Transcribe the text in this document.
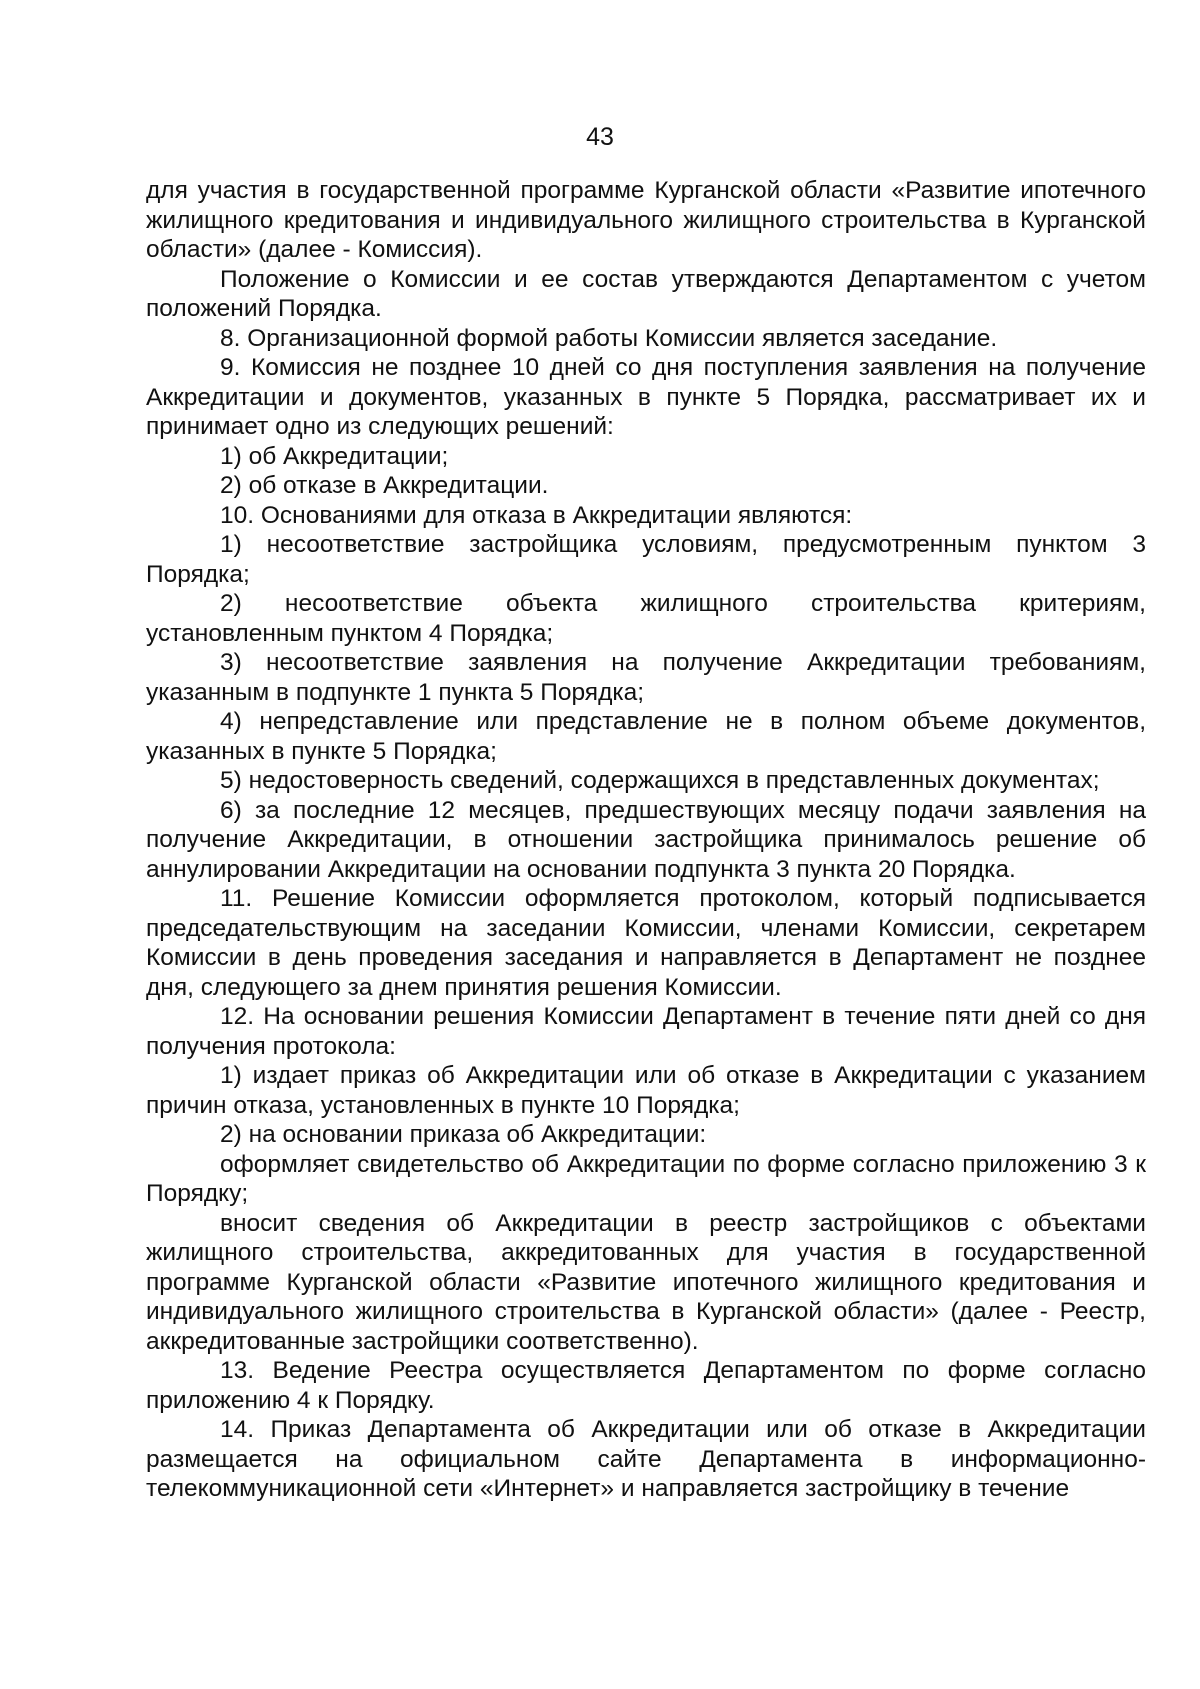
43

для участия в государственной программе Курганской области «Развитие ипотечного жилищного кредитования и индивидуального жилищного строительства в Курганской области» (далее - Комиссия).

Положение о Комиссии и ее состав утверждаются Департаментом с учетом положений Порядка.

8. Организационной формой работы Комиссии является заседание.

9. Комиссия не позднее 10 дней со дня поступления заявления на получение Аккредитации и документов, указанных в пункте 5 Порядка, рассматривает их и принимает одно из следующих решений:

1) об Аккредитации;

2) об отказе в Аккредитации.

10. Основаниями для отказа в Аккредитации являются:

1) несоответствие застройщика условиям, предусмотренным пунктом 3 Порядка;

2) несоответствие объекта жилищного строительства критериям, установленным пунктом 4 Порядка;

3) несоответствие заявления на получение Аккредитации требованиям, указанным в подпункте 1 пункта 5 Порядка;

4) непредставление или представление не в полном объеме документов, указанных в пункте 5 Порядка;

5) недостоверность сведений, содержащихся в представленных документах;

6) за последние 12 месяцев, предшествующих месяцу подачи заявления на получение Аккредитации, в отношении застройщика принималось решение об аннулировании Аккредитации на основании подпункта 3 пункта 20 Порядка.

11. Решение Комиссии оформляется протоколом, который подписывается председательствующим на заседании Комиссии, членами Комиссии, секретарем Комиссии в день проведения заседания и направляется в Департамент не позднее дня, следующего за днем принятия решения Комиссии.

12. На основании решения Комиссии Департамент в течение пяти дней со дня получения протокола:

1) издает приказ об Аккредитации или об отказе в Аккредитации с указанием причин отказа, установленных в пункте 10 Порядка;

2) на основании приказа об Аккредитации:

оформляет свидетельство об Аккредитации по форме согласно приложению 3 к Порядку;

вносит сведения об Аккредитации в реестр застройщиков с объектами жилищного строительства, аккредитованных для участия в государственной программе Курганской области «Развитие ипотечного жилищного кредитования и индивидуального жилищного строительства в Курганской области» (далее - Реестр, аккредитованные застройщики соответственно).

13. Ведение Реестра осуществляется Департаментом по форме согласно приложению 4 к Порядку.

14. Приказ Департамента об Аккредитации или об отказе в Аккредитации размещается на официальном сайте Департамента в информационно-телекоммуникационной сети «Интернет» и направляется застройщику в течение
